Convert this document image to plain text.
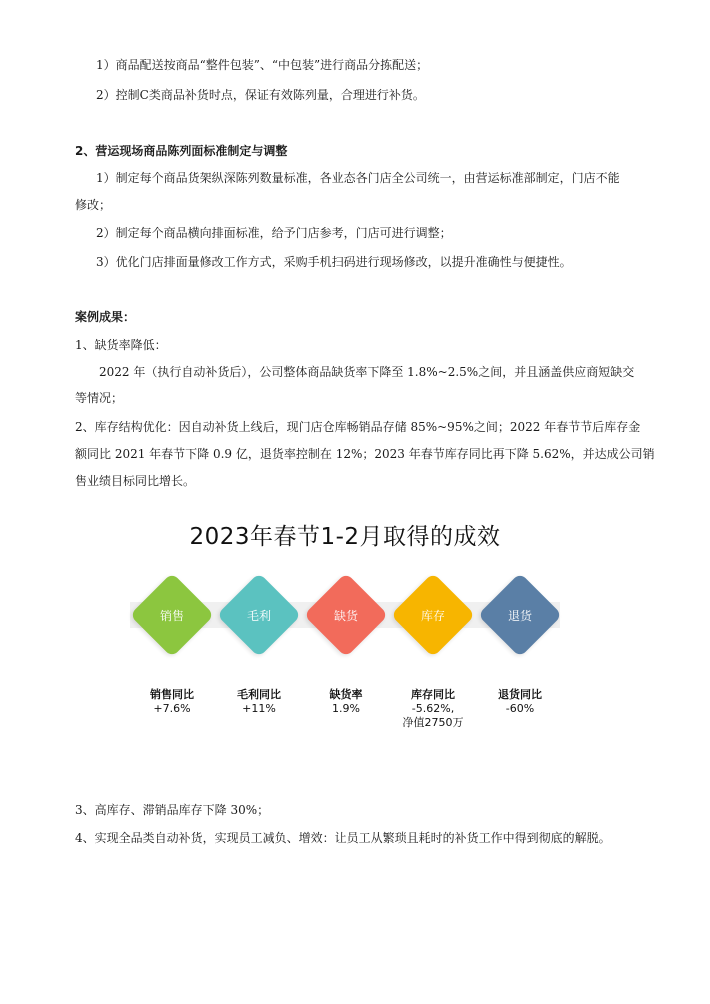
1）商品配送按商品“整件包装”、“中包装”进行商品分拣配送；
2）控制C类商品补货时点，保证有效陈列量，合理进行补货。
2、营运现场商品陈列面标准制定与调整
1）制定每个商品货架纵深陈列数量标准，各业态各门店全公司统一，由营运标准部制定，门店不能
修改；
2）制定每个商品横向排面标准，给予门店参考，门店可进行调整；
3）优化门店排面量修改工作方式，采购手机扫码进行现场修改，以提升准确性与便捷性。
案例成果：
1、缺货率降低：
2022 年（执行自动补货后），公司整体商品缺货率下降至 1.8%~2.5%之间，并且涵盖供应商短缺交
等情况；
2、库存结构优化：因自动补货上线后，现门店仓库畅销品存储 85%~95%之间；2022 年春节节后库存金
额同比 2021 年春节下降 0.9 亿，退货率控制在 12%；2023 年春节库存同比再下降 5.62%，并达成公司销
售业绩目标同比增长。
2023年春节1-2月取得的成效
销售	毛利	缺货	库存	退货
销售同比
+7.6%
毛利同比
+11%
缺货率
1.9%
库存同比
-5.62%,
净值2750万
退货同比
-60%
3、高库存、滞销品库存下降 30%；
4、实现全品类自动补货，实现员工减负、增效：让员工从繁琐且耗时的补货工作中得到彻底的解脱。
